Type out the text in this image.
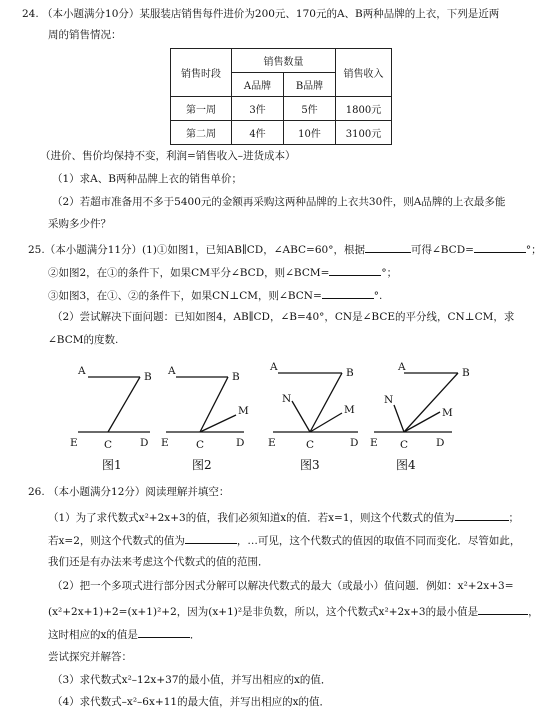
24. （本小题满分10分）某服装店销售每件进价为200元、170元的A、B两种品牌的上衣，下列是近两
周的销售情况：
销售时段	销售数量		销售收入
	A品牌	B品牌	
第一周	3件	5件	1800元
第二周	4件	10件	3100元
（进价、售价均保持不变，利润=销售收入–进货成本）
（1）求A、B两种品牌上衣的销售单价；
（2）若超市准备用不多于5400元的金额再采购这两种品牌的上衣共30件，则A品牌的上衣最多能
采购多少件？
25.（本小题满分11分）(1)①如图1，已知AB∥CD，∠ABC=60°，根据	可得∠BCD=	°；
②如图2，在①的条件下，如果CM平分∠BCD，则∠BCM=	°；
③如图3，在①、②的条件下，如果CN⊥CM，则∠BCN=	°.
（2）尝试解决下面问题：已知如图4，AB∥CD，∠B=40°，CN是∠BCE的平分线，CN⊥CM，求
∠BCM的度数.
A	B
E	C	D
图1
A	B
M
E	C	D
图2
A	B
N
M
E	C	D
图3
A	B
N
M
E C	D
图4
26. （本小题满分12分）阅读理解并填空：
（1）为了求代数式x²+2x+3的值，我们必须知道x的值．若x=1，则这个代数式的值为	；
若x=2，则这个代数式的值为	，…可见，这个代数式的值因的取值不同而变化．尽管如此，
我们还是有办法来考虑这个代数式的值的范围．
（2）把一个多项式进行部分因式分解可以解决代数式的最大（或最小）值问题．例如：x²+2x+3=
(x²+2x+1)+2=(x+1)²+2，因为(x+1)²是非负数，所以，这个代数式x²+2x+3的最小值是	，
这时相应的x的值是	．
尝试探究并解答：
（3）求代数式x²–12x+37的最小值，并写出相应的x的值．
（4）求代数式–x²–6x+11的最大值，并写出相应的x的值．
